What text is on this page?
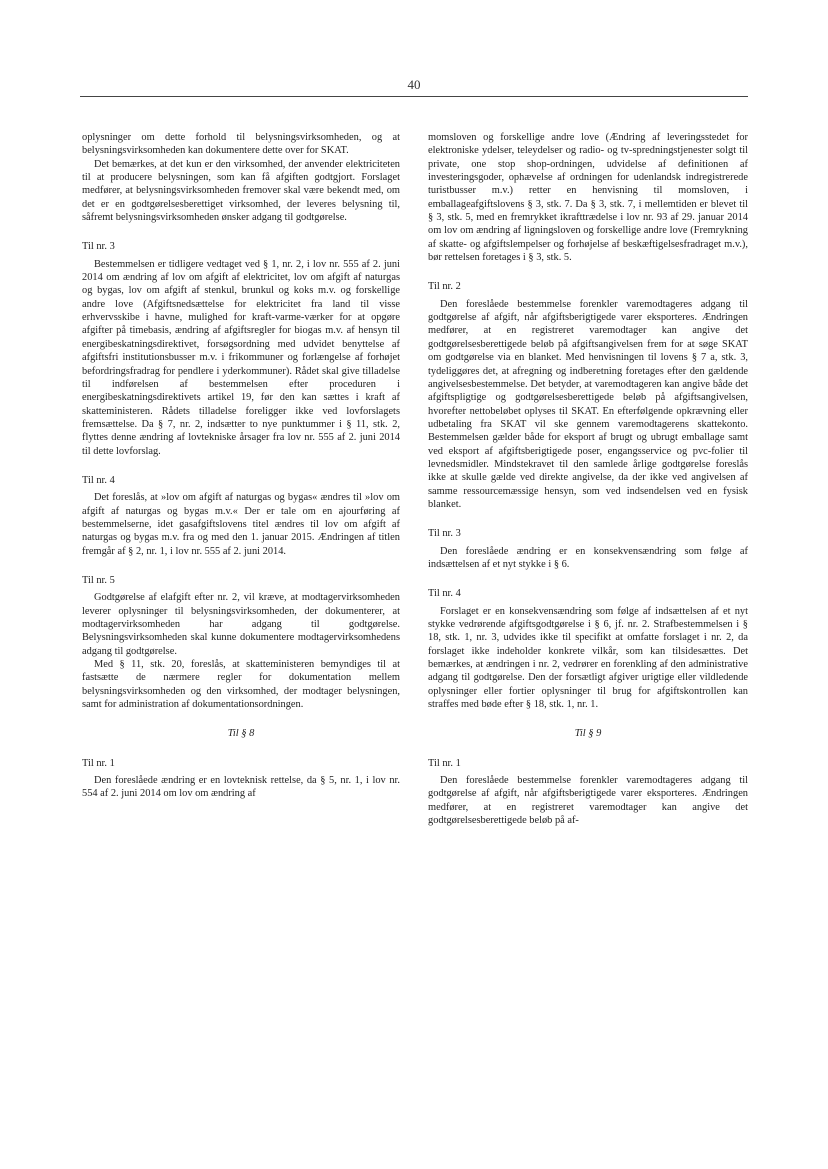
40

oplysninger om dette forhold til belysningsvirksomheden, og at belysningsvirksomheden kan dokumentere dette over for SKAT.

Det bemærkes, at det kun er den virksomhed, der anvender elektriciteten til at producere belysningen, som kan få afgiften godtgjort. Forslaget medfører, at belysningsvirksomheden fremover skal være bekendt med, om det er en godtgørelsesberettiget virksomhed, der leveres belysning til, såfremt belysningsvirksomheden ønsker adgang til godtgørelse.

Til nr. 3

Bestemmelsen er tidligere vedtaget ved § 1, nr. 2, i lov nr. 555 af 2. juni 2014 om ændring af lov om afgift af elektricitet, lov om afgift af naturgas og bygas, lov om afgift af stenkul, brunkul og koks m.v. og forskellige andre love (Afgiftsnedsættelse for elektricitet fra land til visse erhvervsskibe i havne, mulighed for kraft-varme-værker for at opgøre afgifter på timebasis, ændring af afgiftsregler for biogas m.v. af hensyn til energibeskatningsdirektivet, forsøgsordning med udvidet benyttelse af afgiftsfri institutionsbusser m.v. i frikommuner og forlængelse af forhøjet befordringsfradrag for pendlere i yderkommuner). Rådet skal give tilladelse til indførelsen af bestemmelsen efter proceduren i energibeskatningsdirektivets artikel 19, før den kan sættes i kraft af skatteministeren. Rådets tilladelse foreligger ikke ved lovforslagets fremsættelse. Da § 7, nr. 2, indsætter to nye punktummer i § 11, stk. 2, flyttes denne ændring af lovtekniske årsager fra lov nr. 555 af 2. juni 2014 til dette lovforslag.

Til nr. 4

Det foreslås, at »lov om afgift af naturgas og bygas« ændres til »lov om afgift af naturgas og bygas m.v.« Der er tale om en ajourføring af bestemmelserne, idet gasafgiftslovens titel ændres til lov om afgift af naturgas og bygas m.v. fra og med den 1. januar 2015. Ændringen af titlen fremgår af § 2, nr. 1, i lov nr. 555 af 2. juni 2014.

Til nr. 5

Godtgørelse af elafgift efter nr. 2, vil kræve, at modtagervirksomheden leverer oplysninger til belysningsvirksomheden, der dokumenterer, at modtagervirksomheden har adgang til godtgørelse. Belysningsvirksomheden skal kunne dokumentere modtagervirksomhedens adgang til godtgørelse.

Med § 11, stk. 20, foreslås, at skatteministeren bemyndiges til at fastsætte de nærmere regler for dokumentation mellem belysningsvirksomheden og den virksomhed, der modtager belysningen, samt for administration af dokumentationsordningen.

Til § 8

Til nr. 1

Den foreslåede ændring er en lovteknisk rettelse, da § 5, nr. 1, i lov nr. 554 af 2. juni 2014 om lov om ændring af

momsloven og forskellige andre love (Ændring af leveringsstedet for elektroniske ydelser, teleydelser og radio- og tv-spredningstjenester solgt til private, one stop shop-ordningen, udvidelse af definitionen af investeringsgoder, ophævelse af ordningen for udenlandsk indregistrerede turistbusser m.v.) retter en henvisning til momsloven, i emballageafgiftslovens § 3, stk. 7. Da § 3, stk. 7, i mellemtiden er blevet til § 3, stk. 5, med en fremrykket ikrafttrædelse i lov nr. 93 af 29. januar 2014 om lov om ændring af ligningsloven og forskellige andre love (Fremrykning af skatte- og afgiftslempelser og forhøjelse af beskæftigelsesfradraget m.v.), bør rettelsen foretages i § 3, stk. 5.

Til nr. 2

Den foreslåede bestemmelse forenkler varemodtageres adgang til godtgørelse af afgift, når afgiftsberigtigede varer eksporteres. Ændringen medfører, at en registreret varemodtager kan angive det godtgørelsesberettigede beløb på afgiftsangivelsen frem for at søge SKAT om godtgørelse via en blanket. Med henvisningen til lovens § 7 a, stk. 3, tydeliggøres det, at afregning og indberetning foretages efter den gældende angivelsesbestemmelse. Det betyder, at varemodtageren kan angive både det afgiftspligtige og godtgørelsesberettigede beløb på afgiftsangivelsen, hvorefter nettobeløbet oplyses til SKAT. En efterfølgende opkrævning eller udbetaling fra SKAT vil ske gennem varemodtagerens skattekonto. Bestemmelsen gælder både for eksport af brugt og ubrugt emballage samt ved eksport af afgiftsberigtigede poser, engangsservice og pvc-folier til levnedsmidler. Mindstekravet til den samlede årlige godtgørelse foreslås ikke at skulle gælde ved direkte angivelse, da der ikke ved angivelsen af samme ressourcemæssige hensyn, som ved indsendelsen ved en fysisk blanket.

Til nr. 3

Den foreslåede ændring er en konsekvensændring som følge af indsættelsen af et nyt stykke i § 6.

Til nr. 4

Forslaget er en konsekvensændring som følge af indsættelsen af et nyt stykke vedrørende afgiftsgodtgørelse i § 6, jf. nr. 2. Strafbestemmelsen i § 18, stk. 1, nr. 3, udvides ikke til specifikt at omfatte forslaget i nr. 2, da forslaget ikke indeholder konkrete vilkår, som kan tilsidesættes. Det bemærkes, at ændringen i nr. 2, vedrører en forenkling af den administrative adgang til godtgørelse. Den der forsætligt afgiver urigtige eller vildledende oplysninger eller fortier oplysninger til brug for afgiftskontrollen kan straffes med bøde efter § 18, stk. 1, nr. 1.

Til § 9

Til nr. 1

Den foreslåede bestemmelse forenkler varemodtageres adgang til godtgørelse af afgift, når afgiftsberigtigede varer eksporteres. Ændringen medfører, at en registreret varemodtager kan angive det godtgørelsesberettigede beløb på af-
